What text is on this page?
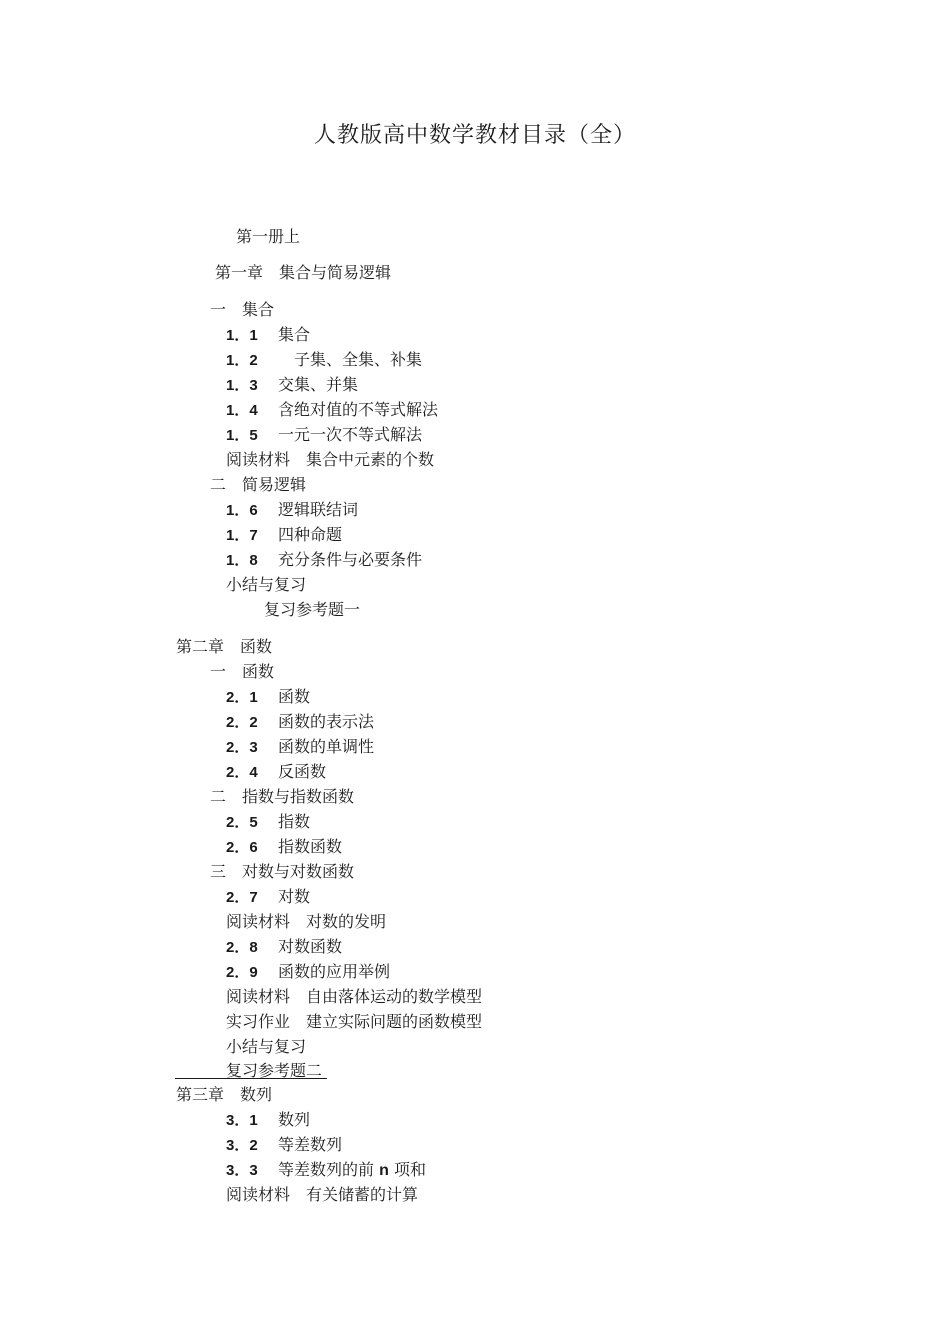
人教版高中数学教材目录（全）
第一册上
第一章　集合与简易逻辑
一　集合
1．1 集合
1．2　子集、全集、补集
1．3 交集、并集
1．4 含绝对值的不等式解法
1．5 一元一次不等式解法
阅读材料　集合中元素的个数
二　简易逻辑
1．6 逻辑联结词
1．7 四种命题
1．8 充分条件与必要条件
小结与复习
复习参考题一
第二章　函数
一　函数
2．1 函数
2．2 函数的表示法
2．3 函数的单调性
2．4 反函数
二　指数与指数函数
2．5 指数
2．6 指数函数
三　对数与对数函数
2．7 对数
阅读材料　对数的发明
2．8 对数函数
2．9 函数的应用举例
阅读材料　自由落体运动的数学模型
实习作业　建立实际问题的函数模型
小结与复习
复习参考题二
第三章　数列
3．1 数列
3．2 等差数列
3．3 等差数列的前 n 项和
阅读材料　有关储蓄的计算
